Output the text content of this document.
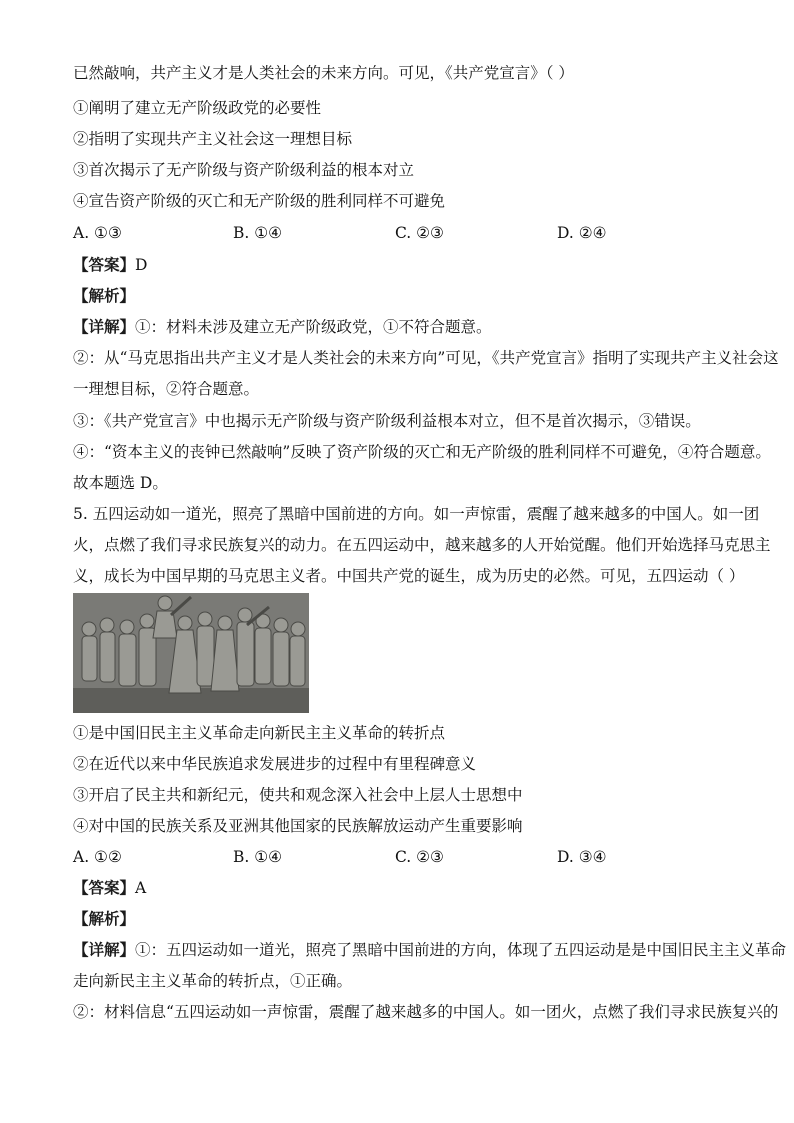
已然敲响，共产主义才是人类社会的未来方向。可见，《共产党宣言》（ ）
①阐明了建立无产阶级政党的必要性
②指明了实现共产主义社会这一理想目标
③首次揭示了无产阶级与资产阶级利益的根本对立
④宣告资产阶级的灭亡和无产阶级的胜利同样不可避免
A. ①③	B. ①④	C. ②③	D. ②④
【答案】D
【解析】
【详解】①：材料未涉及建立无产阶级政党，①不符合题意。
②：从“马克思指出共产主义才是人类社会的未来方向”可见，《共产党宣言》指明了实现共产主义社会这
一理想目标，②符合题意。
③：《共产党宣言》中也揭示无产阶级与资产阶级利益根本对立，但不是首次揭示，③错误。
④：“资本主义的丧钟已然敲响”反映了资产阶级的灭亡和无产阶级的胜利同样不可避免，④符合题意。
故本题选 D。
5. 五四运动如一道光，照亮了黑暗中国前进的方向。如一声惊雷，震醒了越来越多的中国人。如一团
火，点燃了我们寻求民族复兴的动力。在五四运动中，越来越多的人开始觉醒。他们开始选择马克思主
义，成长为中国早期的马克思主义者。中国共产党的诞生，成为历史的必然。可见，五四运动（ ）
①是中国旧民主主义革命走向新民主主义革命的转折点
②在近代以来中华民族追求发展进步的过程中有里程碑意义
③开启了民主共和新纪元，使共和观念深入社会中上层人士思想中
④对中国的民族关系及亚洲其他国家的民族解放运动产生重要影响
A. ①②	B. ①④	C. ②③	D. ③④
【答案】A
【解析】
【详解】①：五四运动如一道光，照亮了黑暗中国前进的方向，体现了五四运动是是中国旧民主主义革命
走向新民主主义革命的转折点，①正确。
②：材料信息“五四运动如一声惊雷，震醒了越来越多的中国人。如一团火，点燃了我们寻求民族复兴的
